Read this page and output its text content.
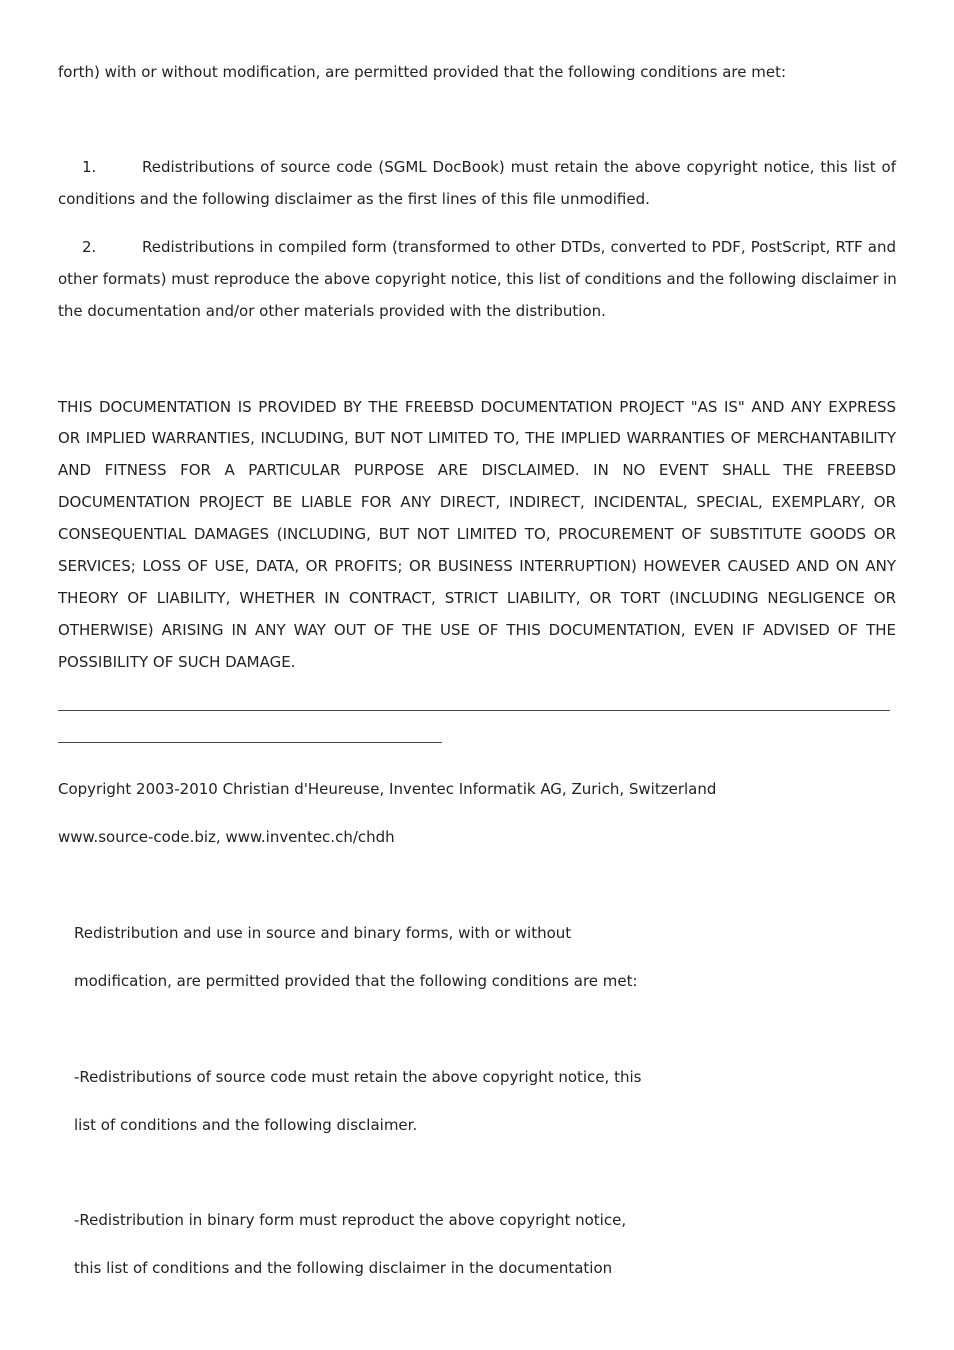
forth) with or without modification, are permitted provided that the following conditions are met:
1.	Redistributions of source code (SGML DocBook) must retain the above copyright notice, this list of
conditions and the following disclaimer as the first lines of this file unmodified.
2.	Redistributions in compiled form (transformed to other DTDs, converted to PDF, PostScript, RTF and
other formats) must reproduce the above copyright notice, this list of conditions and the following disclaimer in
the documentation and/or other materials provided with the distribution.
THIS DOCUMENTATION IS PROVIDED BY THE FREEBSD DOCUMENTATION PROJECT "AS IS" AND ANY EXPRESS
OR IMPLIED WARRANTIES, INCLUDING, BUT NOT LIMITED TO, THE IMPLIED WARRANTIES OF MERCHANTABILITY
AND FITNESS FOR A PARTICULAR PURPOSE ARE DISCLAIMED. IN NO EVENT SHALL THE FREEBSD
DOCUMENTATION PROJECT BE LIABLE FOR ANY DIRECT, INDIRECT, INCIDENTAL, SPECIAL, EXEMPLARY, OR
CONSEQUENTIAL DAMAGES (INCLUDING, BUT NOT LIMITED TO, PROCUREMENT OF SUBSTITUTE GOODS OR
SERVICES; LOSS OF USE, DATA, OR PROFITS; OR BUSINESS INTERRUPTION) HOWEVER CAUSED AND ON ANY
THEORY OF LIABILITY, WHETHER IN CONTRACT, STRICT LIABILITY, OR TORT (INCLUDING NEGLIGENCE OR
OTHERWISE) ARISING IN ANY WAY OUT OF THE USE OF THIS DOCUMENTATION, EVEN IF ADVISED OF THE
POSSIBILITY OF SUCH DAMAGE.
Copyright 2003-2010 Christian d'Heureuse, Inventec Informatik AG, Zurich, Switzerland
www.source-code.biz, www.inventec.ch/chdh
Redistribution and use in source and binary forms, with or without
modification, are permitted provided that the following conditions are met:
-Redistributions of source code must retain the above copyright notice, this
list of conditions and the following disclaimer.
-Redistribution in binary form must reproduct the above copyright notice,
this list of conditions and the following disclaimer in the documentation
